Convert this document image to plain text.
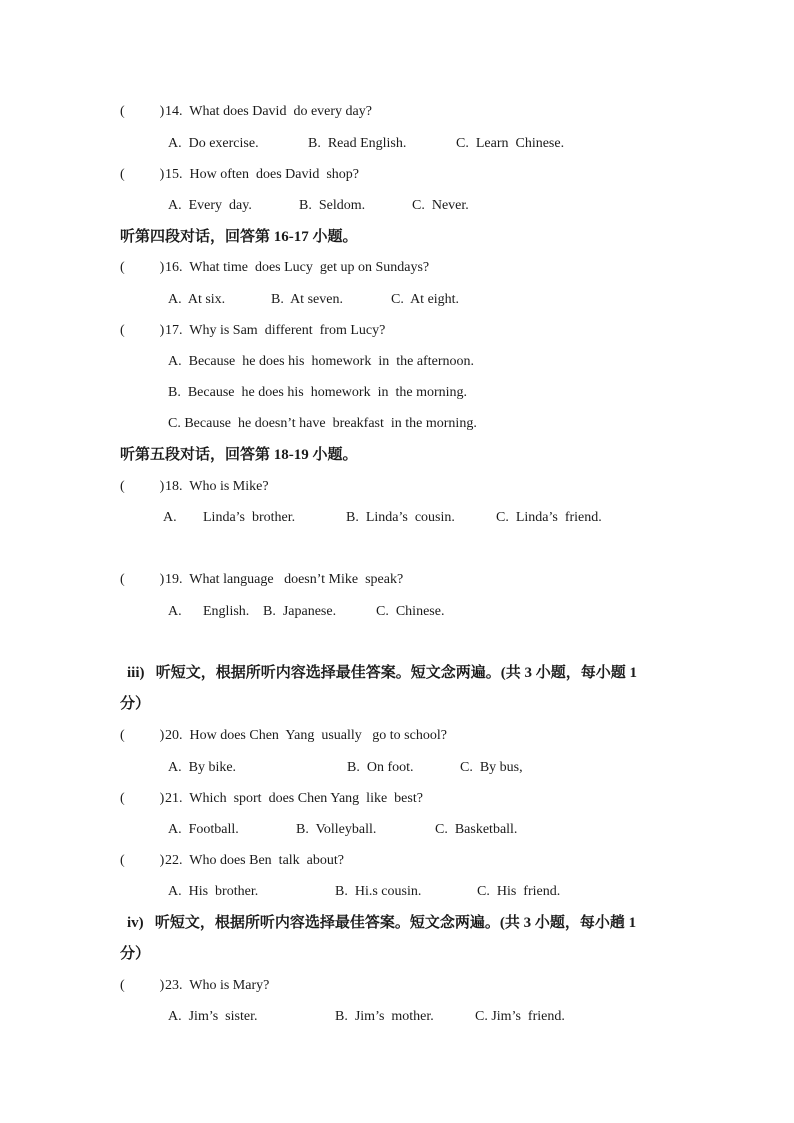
(          ) 14.  What does David  do every day?
A.  Do exercise.	B.  Read English.	C.  Learn  Chinese.
(          ) 15.  How often  does David  shop?
A.  Every  day.	B.  Seldom.	C.  Never.
听第四段对话，回答第 16-17 小题。
(          ) 16.  What time  does Lucy  get up on Sundays?
A.  At six.	B.  At seven.	C.  At eight.
(          ) 17.  Why is Sam  different  from Lucy?
A.  Because  he does his  homework  in  the afternoon.
B.  Because  he does his  homework  in  the morning.
C. Because  he doesn’t have  breakfast  in the morning.
听第五段对话，回答第 18-19 小题。
(          ) 18.  Who is Mike?
A. Linda’s  brother.	B.  Linda’s  cousin.	C.  Linda’s  friend.
(          ) 19.  What language   doesn’t Mike  speak?
A. English. B.  Japanese.	C.  Chinese.
iii)   听短文，根据所听内容选择最佳答案。短文念两遍。(共 3 小题，每小题 1
分）
(          ) 20.  How does Chen  Yang  usually   go to school?
A.  By bike.	B.  On foot.	C.  By bus,
(          ) 21.  Which  sport  does Chen Yang  like  best?
A.  Football.	B.  Volleyball.	C.  Basketball.
(          ) 22.  Who does Ben  talk  about?
A.  His  brother.	B.  Hi.s cousin.	C.  His  friend.
iv)   听短文，根据所听内容选择最佳答案。短文念两遍。(共 3 小题，每小趟 1
分）
(          ) 23.  Who is Mary?
A.  Jim’s  sister.	B.  Jim’s  mother.	C. Jim’s  friend.
